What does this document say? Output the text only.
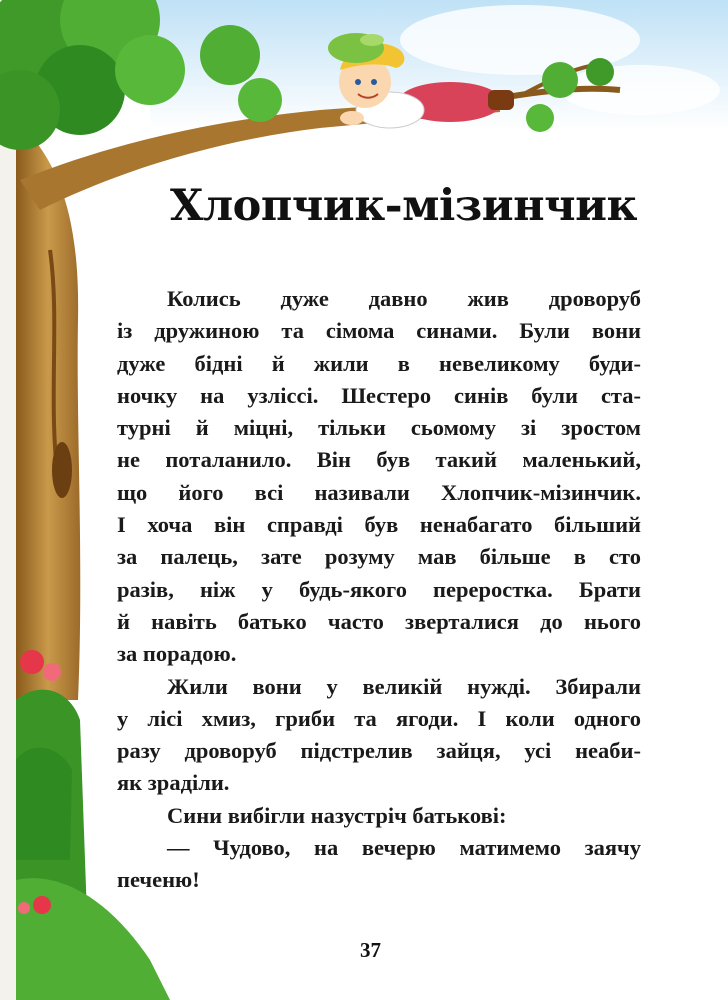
Хлопчик-мізинчик
Колись дуже давно жив дроворуб
із дружиною та сімома синами. Були вони
дуже бідні й жили в невеликому буди-
ночку на узліссі. Шестеро синів були ста-
турні й міцні, тільки сьомому зі зростом
не поталанило. Він був такий маленький,
що його всі називали Хлопчик-мізинчик.
І хоча він справді був ненабагато більший
за палець, зате розуму мав більше в сто
разів, ніж у будь-якого переростка. Брати
й навіть батько часто зверталися до нього
за порадою.
Жили вони у великій нужді. Збирали
у лісі хмиз, гриби та ягоди. І коли одного
разу дроворуб підстрелив зайця, усі неаби-
як зраділи.
Сини вибігли назустріч батькові:
— Чудово, на вечерю матимемо заячу
печеню!
37
